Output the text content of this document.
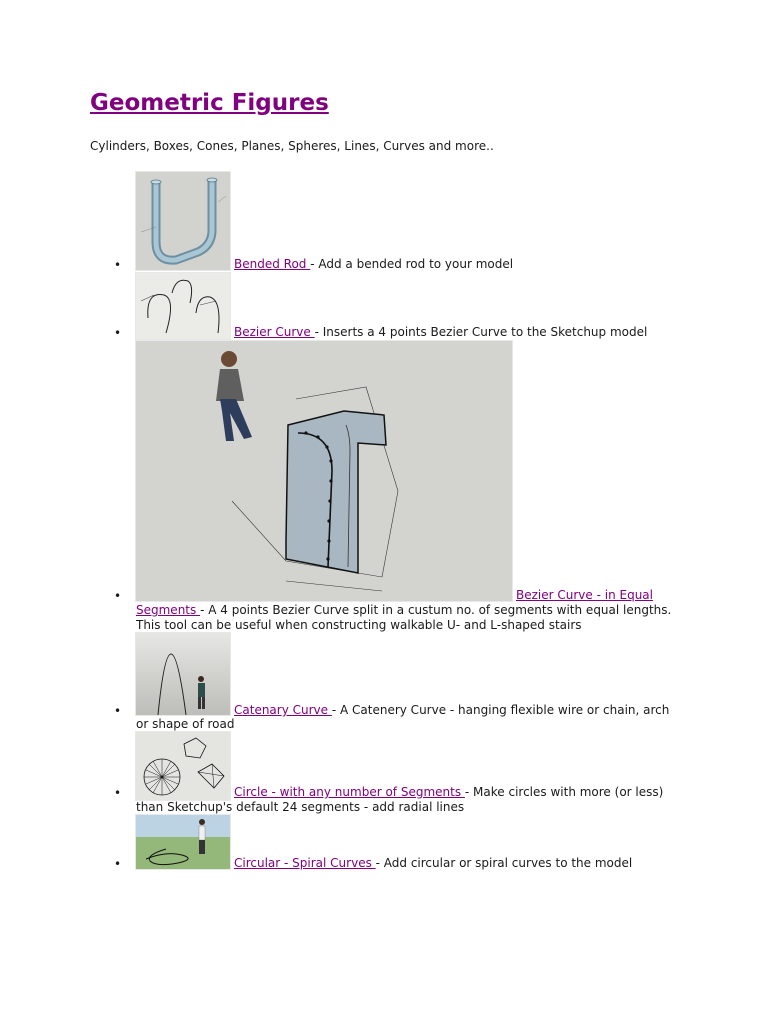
Geometric Figures

Cylinders, Boxes, Cones, Planes, Spheres, Lines, Curves and more..

•	Bended Rod - Add a bended rod to your model

•	Bezier Curve - Inserts a 4 points Bezier Curve to the Sketchup model

•	Bezier Curve - in Equal

Segments - A 4 points Bezier Curve split in a custum no. of segments with equal lengths.
This tool can be useful when constructing walkable U- and L-shaped stairs

•	Catenary Curve - A Catenery Curve - hanging flexible wire or chain, arch

or shape of road

•	Circle - with any number of Segments - Make circles with more (or less)

than Sketchup's default 24 segments - add radial lines

•	Circular - Spiral Curves - Add circular or spiral curves to the model
